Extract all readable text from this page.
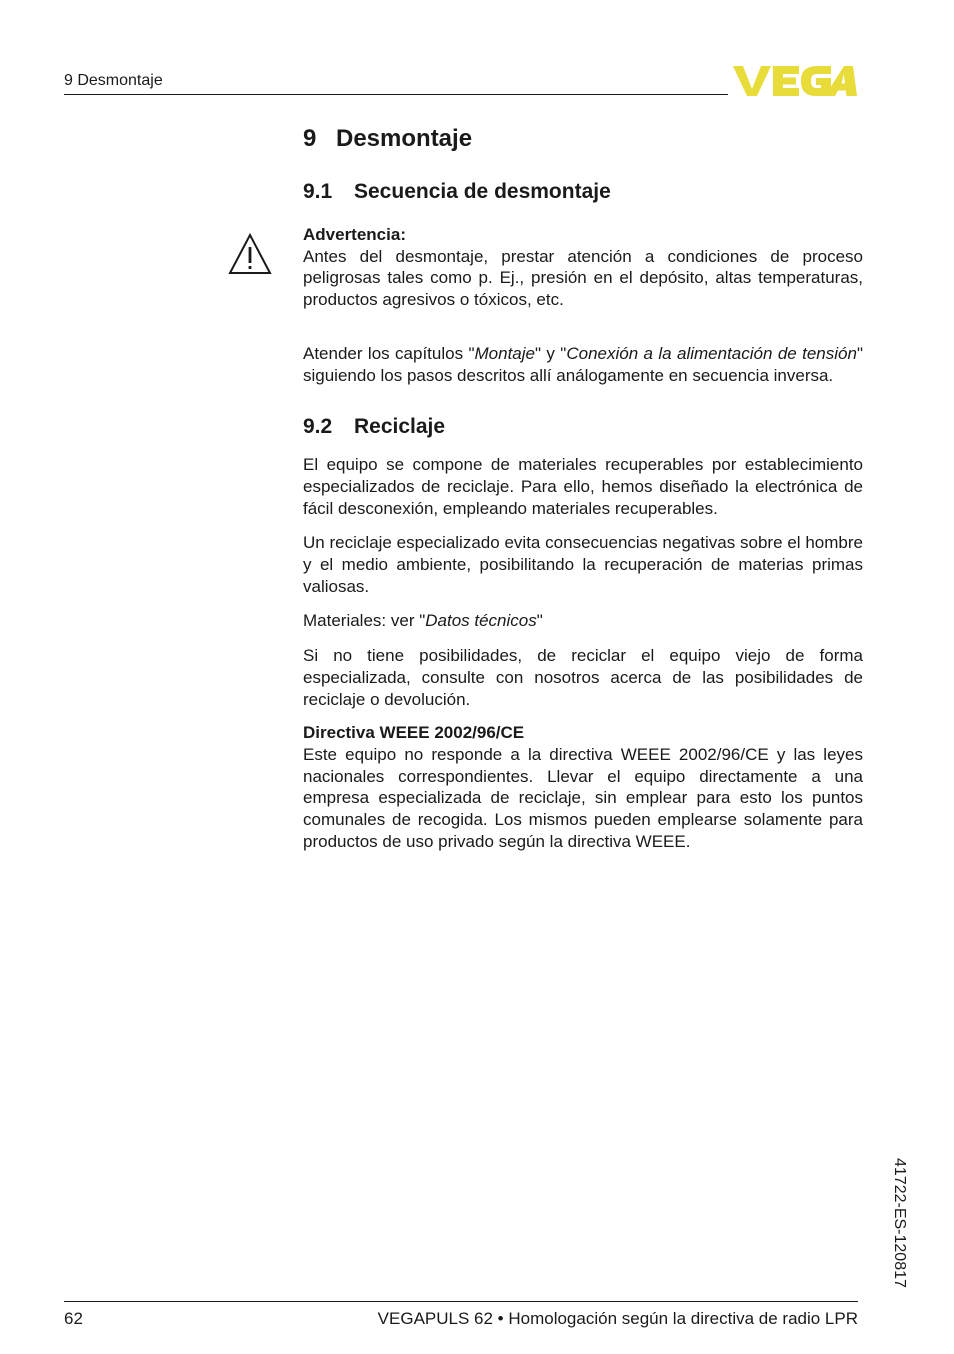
9 Desmontaje
9 Desmontaje
9.1 Secuencia de desmontaje

Advertencia:

Antes del desmontaje, prestar atención a condiciones de proceso peligrosas tales como p. Ej., presión en el depósito, altas temperaturas, productos agresivos o tóxicos, etc.

Atender los capítulos "Montaje" y "Conexión a la alimentación de tensión" siguiendo los pasos descritos allí análogamente en secuencia inversa.

9.2 Reciclaje

El equipo se compone de materiales recuperables por establecimiento especializados de reciclaje. Para ello, hemos diseñado la electrónica de fácil desconexión, empleando materiales recuperables.

Un reciclaje especializado evita consecuencias negativas sobre el hombre y el medio ambiente, posibilitando la recuperación de materias primas valiosas.

Materiales: ver "Datos técnicos"

Si no tiene posibilidades, de reciclar el equipo viejo de forma especializada, consulte con nosotros acerca de las posibilidades de reciclaje o devolución.

Directiva WEEE 2002/96/CE

Este equipo no responde a la directiva WEEE 2002/96/CE y las leyes nacionales correspondientes. Llevar el equipo directamente a una empresa especializada de reciclaje, sin emplear para esto los puntos comunales de recogida. Los mismos pueden emplearse solamente para productos de uso privado según la directiva WEEE.

41722-ES-120817
62	VEGAPULS 62 • Homologación según la directiva de radio LPR
